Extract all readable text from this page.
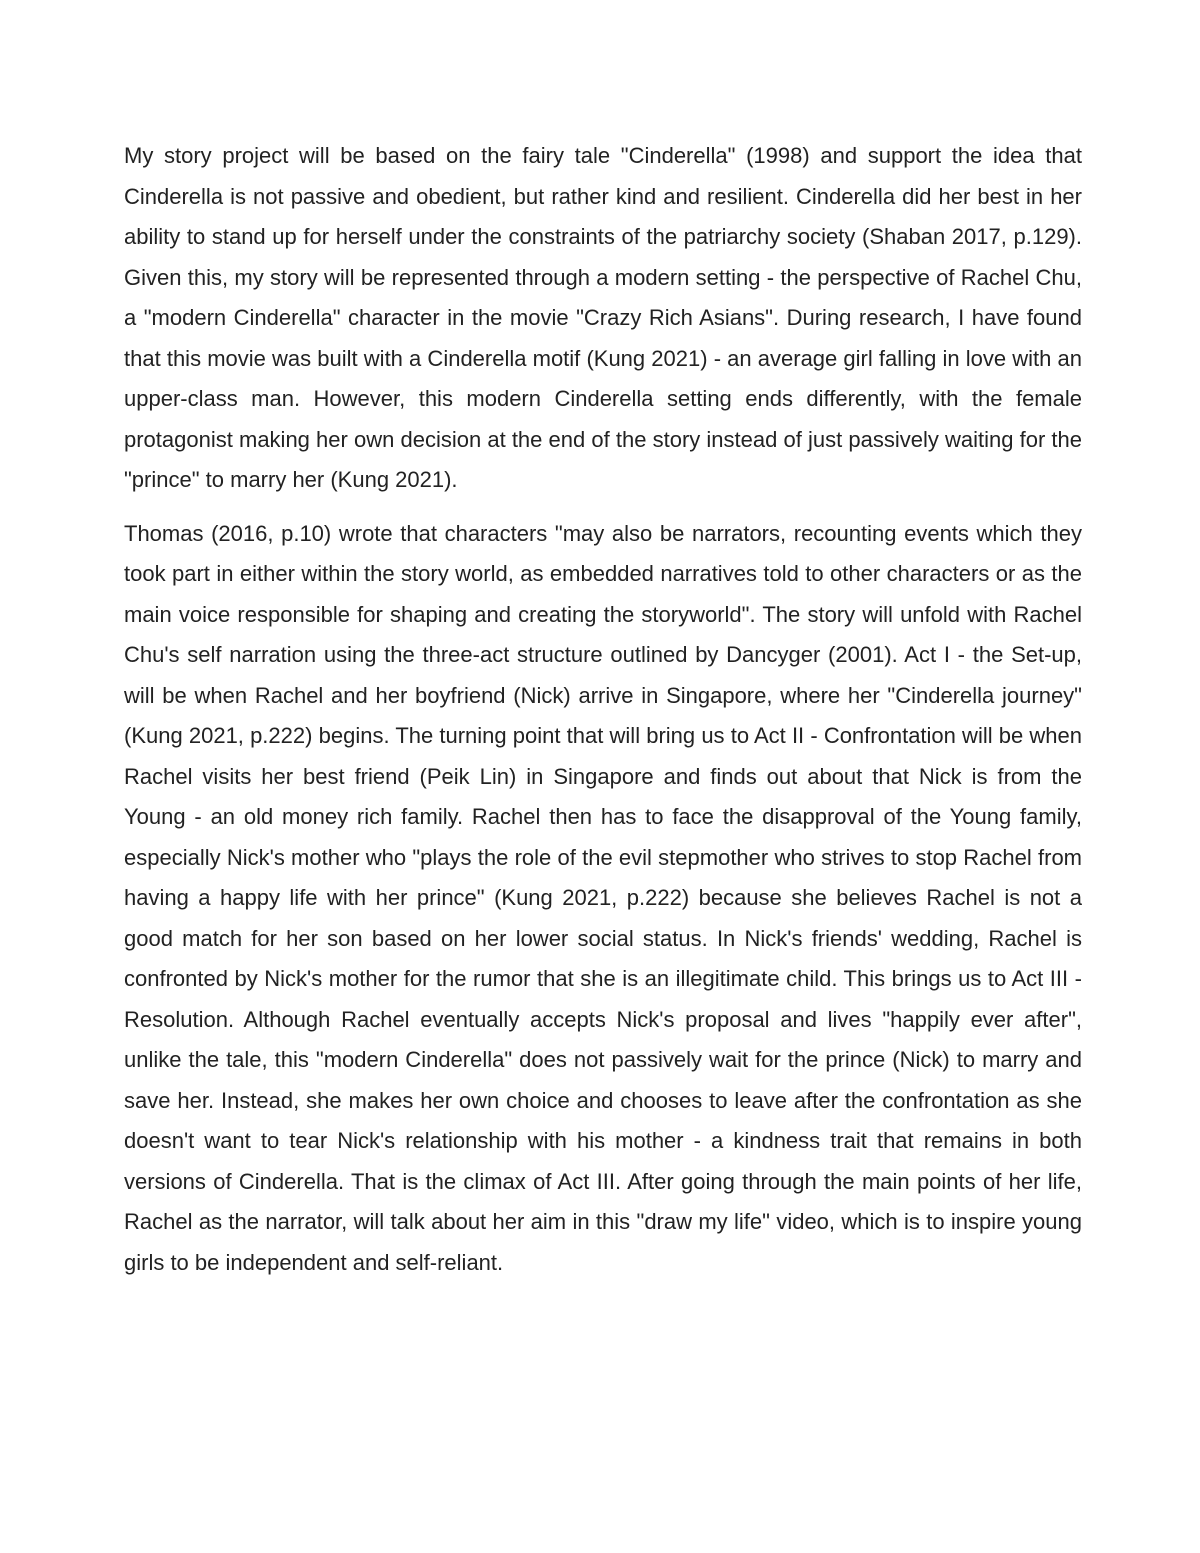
My story project will be based on the fairy tale "Cinderella" (1998) and support the idea that Cinderella is not passive and obedient, but rather kind and resilient. Cinderella did her best in her ability to stand up for herself under the constraints of the patriarchy society (Shaban 2017, p.129). Given this, my story will be represented through a modern setting - the perspective of Rachel Chu, a "modern Cinderella" character in the movie "Crazy Rich Asians". During research, I have found that this movie was built with a Cinderella motif (Kung 2021) - an average girl falling in love with an upper-class man. However, this modern Cinderella setting ends differently, with the female protagonist making her own decision at the end of the story instead of just passively waiting for the "prince" to marry her (Kung 2021).

Thomas (2016, p.10) wrote that characters "may also be narrators, recounting events which they took part in either within the story world, as embedded narratives told to other characters or as the main voice responsible for shaping and creating the storyworld". The story will unfold with Rachel Chu's self narration using the three-act structure outlined by Dancyger (2001). Act I - the Set-up, will be when Rachel and her boyfriend (Nick) arrive in Singapore, where her "Cinderella journey" (Kung 2021, p.222) begins. The turning point that will bring us to Act II - Confrontation will be when Rachel visits her best friend (Peik Lin) in Singapore and finds out about that Nick is from the Young - an old money rich family. Rachel then has to face the disapproval of the Young family, especially Nick's mother who "plays the role of the evil stepmother who strives to stop Rachel from having a happy life with her prince" (Kung 2021, p.222) because she believes Rachel is not a good match for her son based on her lower social status. In Nick's friends' wedding, Rachel is confronted by Nick's mother for the rumor that she is an illegitimate child. This brings us to Act III - Resolution. Although Rachel eventually accepts Nick's proposal and lives "happily ever after", unlike the tale, this "modern Cinderella" does not passively wait for the prince (Nick) to marry and save her. Instead, she makes her own choice and chooses to leave after the confrontation as she doesn't want to tear Nick's relationship with his mother - a kindness trait that remains in both versions of Cinderella. That is the climax of Act III. After going through the main points of her life, Rachel as the narrator, will talk about her aim in this "draw my life" video, which is to inspire young girls to be independent and self-reliant.
